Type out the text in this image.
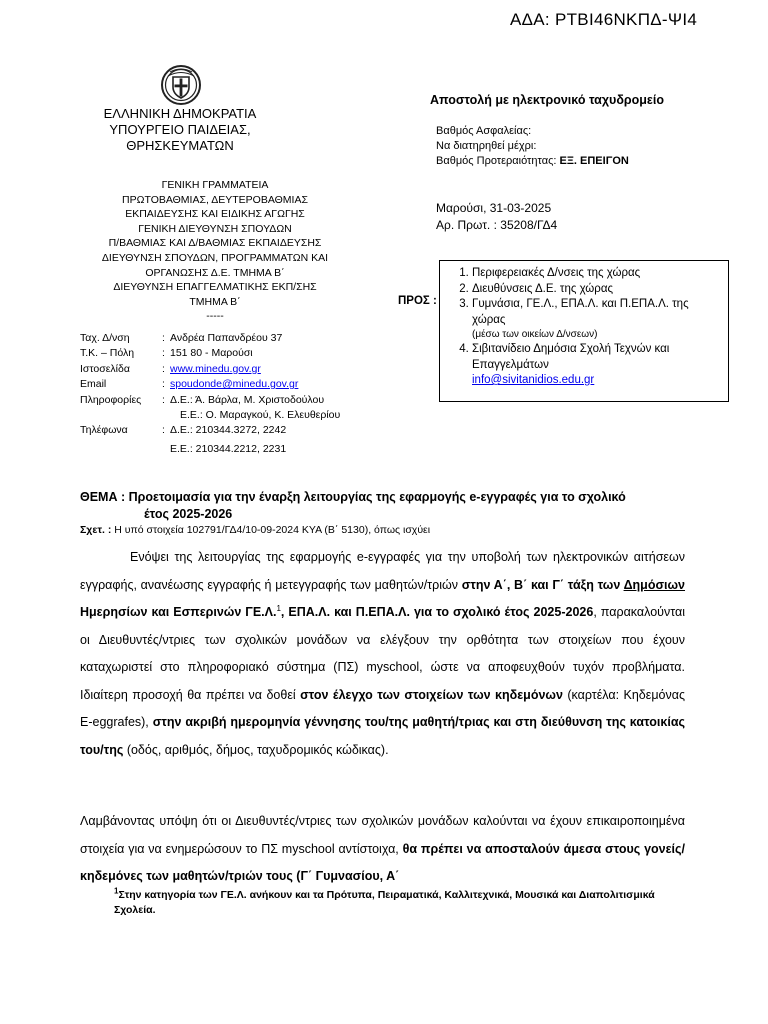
ΑΔΑ: ΡΤΒΙ46ΝΚΠΔ-ΨΙ4
ΕΛΛΗΝΙΚΗ ΔΗΜΟΚΡΑΤΙΑ
ΥΠΟΥΡΓΕΙΟ ΠΑΙΔΕΙΑΣ,
ΘΡΗΣΚΕΥΜΑΤΩΝ
ΓΕΝΙΚΗ ΓΡΑΜΜΑΤΕΙΑ
ΠΡΩΤΟΒΑΘΜΙΑΣ, ΔΕΥΤΕΡΟΒΑΘΜΙΑΣ
ΕΚΠΑΙΔΕΥΣΗΣ ΚΑΙ ΕΙΔΙΚΗΣ ΑΓΩΓΗΣ
ΓΕΝΙΚΗ ΔΙΕΥΘΥΝΣΗ ΣΠΟΥΔΩΝ
Π/ΒΑΘΜΙΑΣ ΚΑΙ Δ/ΒΑΘΜΙΑΣ ΕΚΠΑΙΔΕΥΣΗΣ
ΔΙΕΥΘΥΝΣΗ ΣΠΟΥΔΩΝ, ΠΡΟΓΡΑΜΜΑΤΩΝ ΚΑΙ
ΟΡΓΑΝΩΣΗΣ Δ.Ε. ΤΜΗΜΑ Β΄
ΔΙΕΥΘΥΝΣΗ ΕΠΑΓΓΕΛΜΑΤΙΚΗΣ ΕΚΠ/ΣΗΣ
ΤΜΗΜΑ Β΄
-----
Ταχ. Δ/νση	:	Ανδρέα Παπανδρέου 37
Τ.Κ. – Πόλη	:	151 80 - Μαρούσι
Ιστοσελίδα	:	www.minedu.gov.gr
Email	:	spoudonde@minedu.gov.gr
Πληροφορίες	:	Δ.Ε.: Ά. Βάρλα, Μ. Χριστοδούλου
Ε.Ε.: Ο. Μαραγκού, Κ. Ελευθερίου

Τηλέφωνα	:	Δ.Ε.: 210344.3272, 2242
Ε.Ε.: 210344.2212, 2231
Αποστολή με ηλεκτρονικό ταχυδρομείο
Βαθμός Ασφαλείας:
Να διατηρηθεί μέχρι:
Βαθμός Προτεραιότητας: ΕΞ. ΕΠΕΙΓΟΝ
Μαρούσι, 31-03-2025
Αρ. Πρωτ. : 35208/ΓΔ4
ΠΡΟΣ :
1. Περιφερειακές Δ/νσεις της χώρας
2. Διευθύνσεις Δ.Ε. της χώρας
3. Γυμνάσια, ΓΕ.Λ., ΕΠΑ.Λ. και Π.ΕΠΑ.Λ. της χώρας
(μέσω των οικείων Δ/νσεων)
4. Σιβιτανίδειο Δημόσια Σχολή Τεχνών και Επαγγελμάτων
info@sivitanidios.edu.gr
ΘΕΜΑ : Προετοιμασία για την έναρξη λειτουργίας της εφαρμογής e-εγγραφές για το σχολικό
έτος 2025-2026
Σχετ. : Η υπό στοιχεία 102791/ΓΔ4/10-09-2024 ΚΥΑ (Β΄ 5130), όπως ισχύει
Ενόψει της λειτουργίας της εφαρμογής e-εγγραφές για την υποβολή των ηλεκτρονικών αιτήσεων εγγραφής, ανανέωσης εγγραφής ή μετεγγραφής των μαθητών/τριών στην Α΄, Β΄ και Γ΄ τάξη των Δημόσιων Ημερησίων και Εσπερινών ΓΕ.Λ.$^1$, ΕΠΑ.Λ. και Π.ΕΠΑ.Λ. για το σχολικό έτος 2025-2026, παρακαλούνται οι Διευθυντές/ντριες των σχολικών μονάδων να ελέγξουν την ορθότητα των στοιχείων που έχουν καταχωριστεί στο πληροφοριακό σύστημα (ΠΣ) myschool, ώστε να αποφευχθούν τυχόν προβλήματα. Ιδιαίτερη προσοχή θα πρέπει να δοθεί στον έλεγχο των στοιχείων των κηδεμόνων (καρτέλα: Κηδεμόνας E-eggrafes), στην ακριβή ημερομηνία γέννησης του/της μαθητή/τριας και στη διεύθυνση της κατοικίας του/της (οδός, αριθμός, δήμος, ταχυδρομικός κώδικας).
Λαμβάνοντας υπόψη ότι οι Διευθυντές/ντριες των σχολικών μονάδων καλούνται να έχουν επικαιροποιημένα στοιχεία για να ενημερώσουν το ΠΣ myschool αντίστοιχα, θα πρέπει να αποσταλούν άμεσα στους γονείς/κηδεμόνες των μαθητών/τριών τους (Γ΄ Γυμνασίου, Α΄
$^1$Στην κατηγορία των ΓΕ.Λ. ανήκουν και τα Πρότυπα, Πειραματικά, Καλλιτεχνικά, Μουσικά και Διαπολιτισμικά Σχολεία.
